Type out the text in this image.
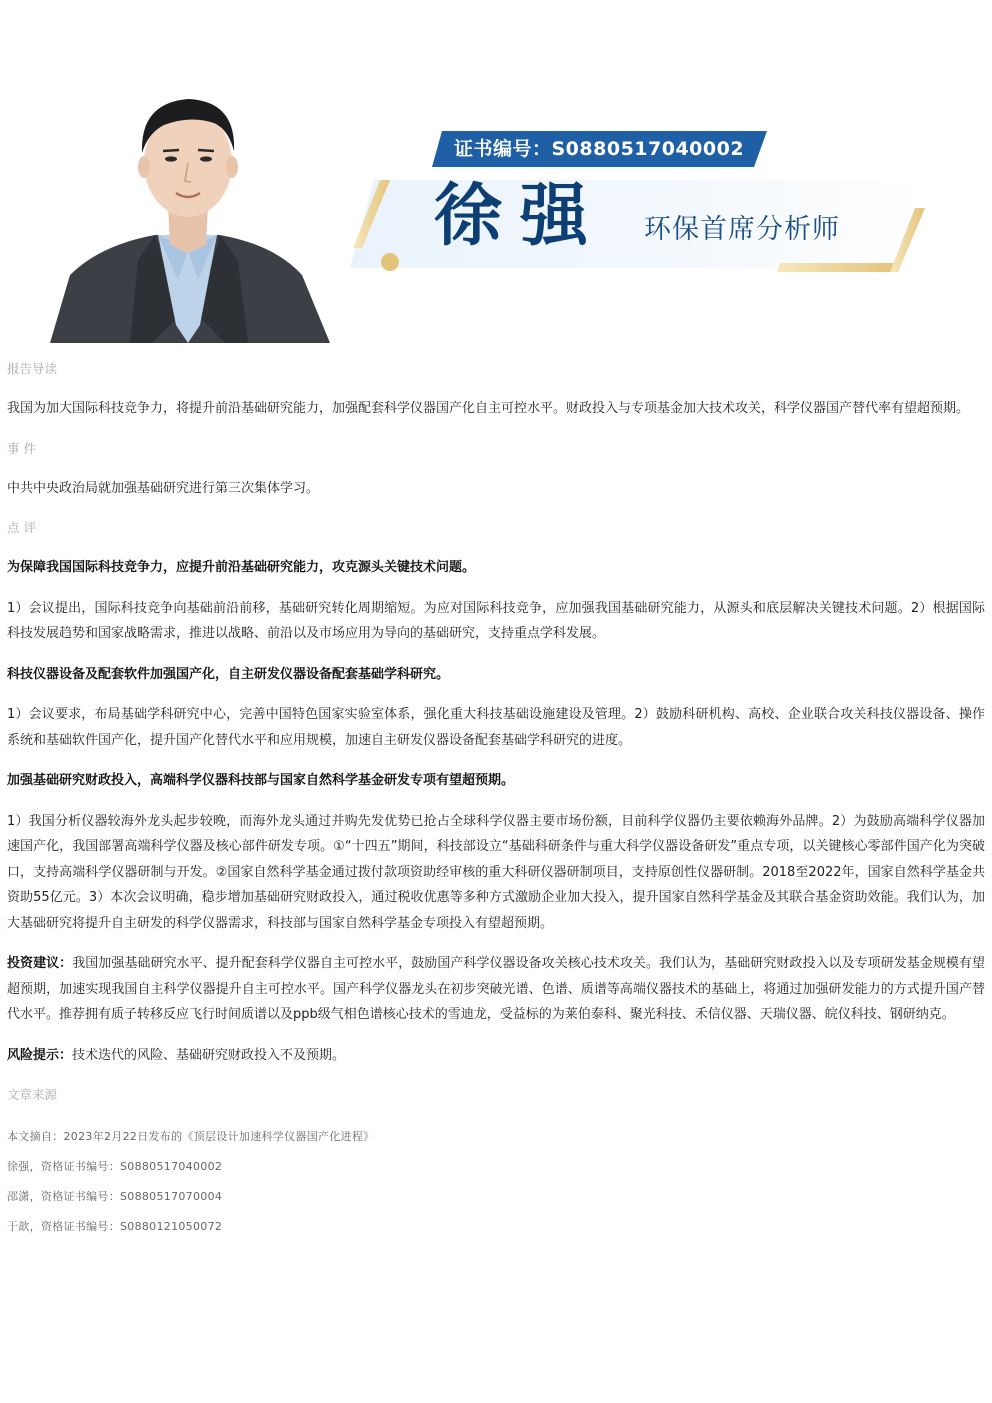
证书编号：S0880517040002
徐强 环保首席分析师
报告导读

我国为加大国际科技竞争力，将提升前沿基础研究能力，加强配套科学仪器国产化自主可控水平。财政投入与专项基金加大技术攻关，科学仪器国产替代率有望超预期。

事 件

中共中央政治局就加强基础研究进行第三次集体学习。

点 评
为保障我国国际科技竞争力，应提升前沿基础研究能力，攻克源头关键技术问题。

1）会议提出，国际科技竞争向基础前沿前移，基础研究转化周期缩短。为应对国际科技竞争，应加强我国基础研究能力，从源头和底层解决关键技术问题。2）根据国际科技发展趋势和国家战略需求，推进以战略、前沿以及市场应用为导向的基础研究，支持重点学科发展。

科技仪器设备及配套软件加强国产化，自主研发仪器设备配套基础学科研究。

1）会议要求，布局基础学科研究中心，完善中国特色国家实验室体系，强化重大科技基础设施建设及管理。2）鼓励科研机构、高校、企业联合攻关科技仪器设备、操作系统和基础软件国产化，提升国产化替代水平和应用规模，加速自主研发仪器设备配套基础学科研究的进度。

加强基础研究财政投入，高端科学仪器科技部与国家自然科学基金研发专项有望超预期。

1）我国分析仪器较海外龙头起步较晚，而海外龙头通过并购先发优势已抢占全球科学仪器主要市场份额，目前科学仪器仍主要依赖海外品牌。2）为鼓励高端科学仪器加速国产化，我国部署高端科学仪器及核心部件研发专项。①“十四五”期间，科技部设立“基础科研条件与重大科学仪器设备研发”重点专项，以关键核心零部件国产化为突破口，支持高端科学仪器研制与开发。②国家自然科学基金通过拨付款项资助经审核的重大科研仪器研制项目，支持原创性仪器研制。2018至2022年，国家自然科学基金共资助55亿元。3）本次会议明确，稳步增加基础研究财政投入，通过税收优惠等多种方式激励企业加大投入，提升国家自然科学基金及其联合基金资助效能。我们认为，加大基础研究将提升自主研发的科学仪器需求，科技部与国家自然科学基金专项投入有望超预期。

投资建议：我国加强基础研究水平、提升配套科学仪器自主可控水平，鼓励国产科学仪器设备攻关核心技术攻关。我们认为，基础研究财政投入以及专项研发基金规模有望超预期，加速实现我国自主科学仪器提升自主可控水平。国产科学仪器龙头在初步突破光谱、色谱、质谱等高端仪器技术的基础上，将通过加强研发能力的方式提升国产替代水平。推荐拥有质子转移反应飞行时间质谱以及ppb级气相色谱核心技术的雪迪龙，受益标的为莱伯泰科、聚光科技、禾信仪器、天瑞仪器、皖仪科技、钢研纳克。

风险提示：技术迭代的风险、基础研究财政投入不及预期。

文章来源
本文摘自：2023年2月22日发布的《顶层设计加速科学仪器国产化进程》
徐强，资格证书编号：S0880517040002
邵潇，资格证书编号：S0880517070004
于歆，资格证书编号：S0880121050072
